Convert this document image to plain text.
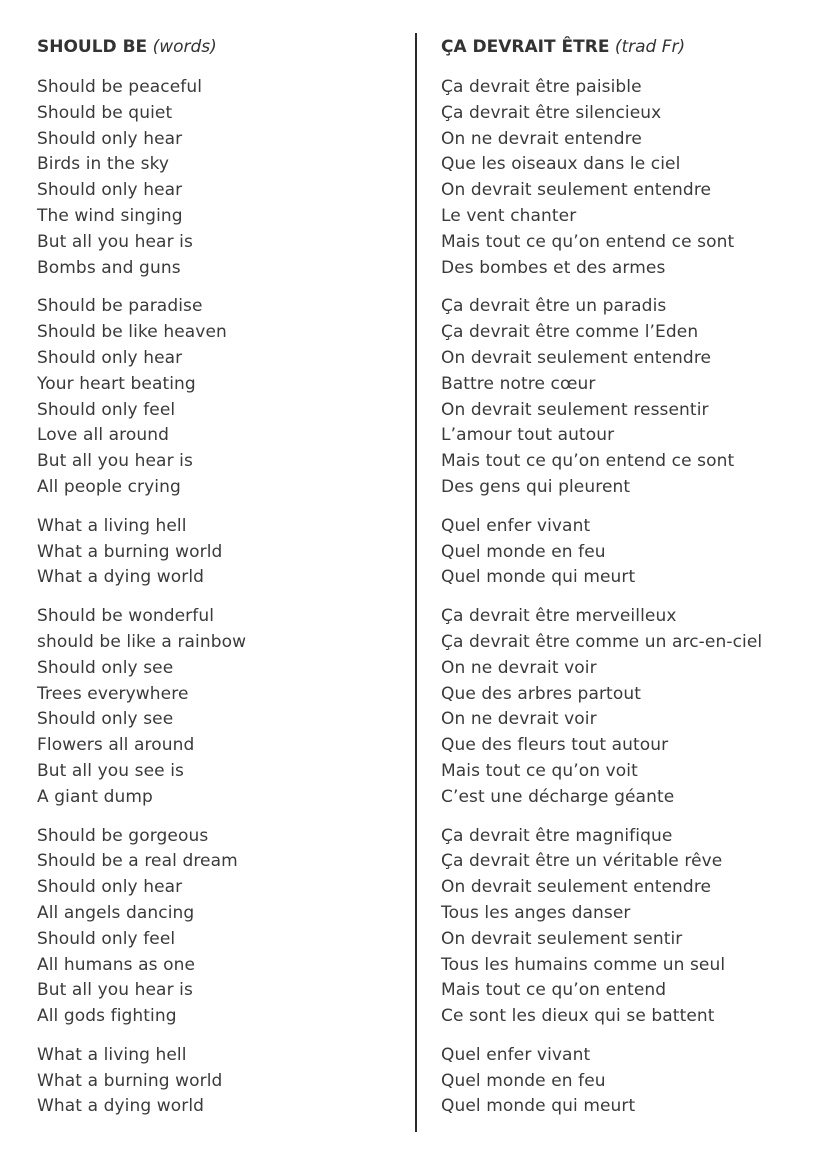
SHOULD BE (words)
Should be peaceful
Should be quiet
Should only hear
Birds in the sky
Should only hear
The wind singing
But all you hear is
Bombs and guns
Should be paradise
Should be like heaven
Should only hear
Your heart beating
Should only feel
Love all around
But all you hear is
All people crying
What a living hell
What a burning world
What a dying world
Should be wonderful
should be like a rainbow
Should only see
Trees everywhere
Should only see
Flowers all around
But all you see is
A giant dump
Should be gorgeous
Should be a real dream
Should only hear
All angels dancing
Should only feel
All humans as one
But all you hear is
All gods fighting
What a living hell
What a burning world
What a dying world
ÇA DEVRAIT ÊTRE (trad Fr)
Ça devrait être paisible
Ça devrait être silencieux
On ne devrait entendre
Que les oiseaux dans le ciel
On devrait seulement entendre
Le vent chanter
Mais tout ce qu’on entend ce sont
Des bombes et des armes
Ça devrait être un paradis
Ça devrait être comme l’Eden
On devrait seulement entendre
Battre notre cœur
On devrait seulement ressentir
L’amour tout autour
Mais tout ce qu’on entend ce sont
Des gens qui pleurent
Quel enfer vivant
Quel monde en feu
Quel monde qui meurt
Ça devrait être merveilleux
Ça devrait être comme un arc-en-ciel
On ne devrait voir
Que des arbres partout
On ne devrait voir
Que des fleurs tout autour
Mais tout ce qu’on voit
C’est une décharge géante
Ça devrait être magnifique
Ça devrait être un véritable rêve
On devrait seulement entendre
Tous les anges danser
On devrait seulement sentir
Tous les humains comme un seul
Mais tout ce qu’on entend
Ce sont les dieux qui se battent
Quel enfer vivant
Quel monde en feu
Quel monde qui meurt
